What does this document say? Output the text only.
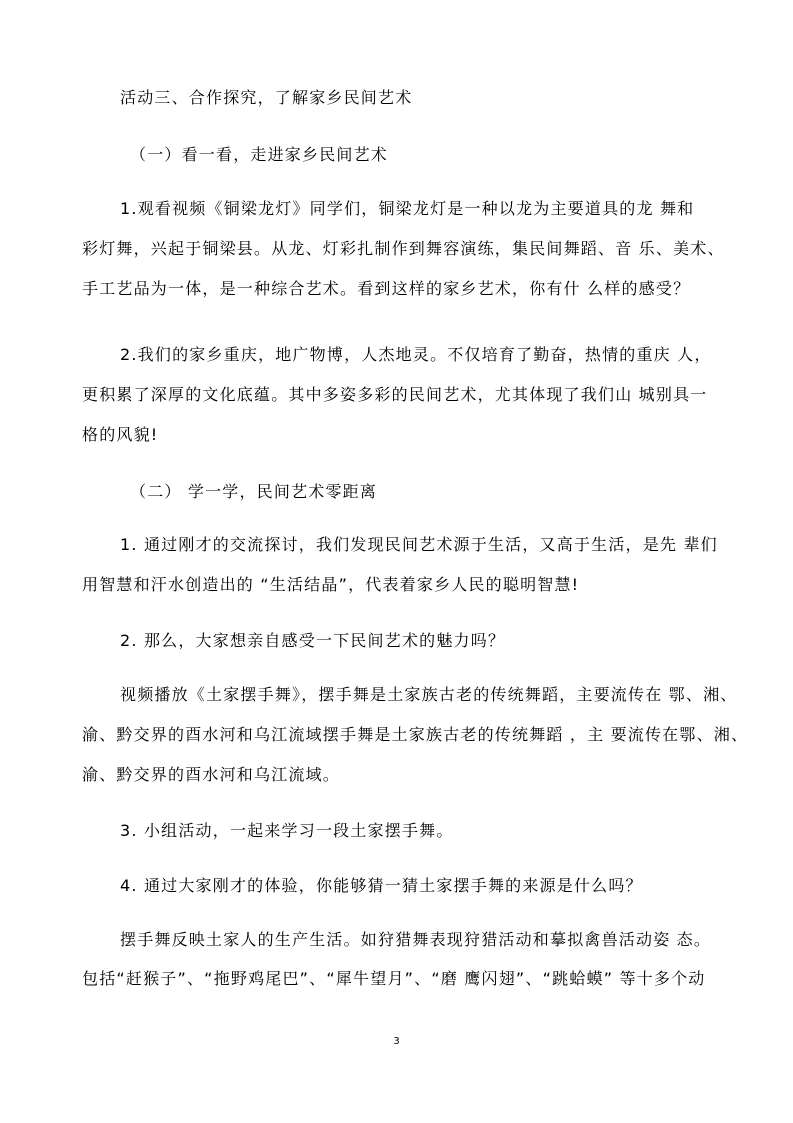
活动三、合作探究，了解家乡民间艺术
（一）看一看，走进家乡民间艺术
1.观看视频《铜梁龙灯》同学们，铜梁龙灯是一种以龙为主要道具的龙 舞和
彩灯舞，兴起于铜梁县。从龙、灯彩扎制作到舞容演练，集民间舞蹈、音 乐、美术、
手工艺品为一体，是一种综合艺术。看到这样的家乡艺术，你有什 么样的感受？
2.我们的家乡重庆，地广物博，人杰地灵。不仅培育了勤奋，热情的重庆 人，
更积累了深厚的文化底蕴。其中多姿多彩的民间艺术，尤其体现了我们山 城别具一
格的风貌!
（二） 学一学，民间艺术零距离
1. 通过刚才的交流探讨，我们发现民间艺术源于生活，又高于生活，是先 辈们
用智慧和汗水创造出的 “生活结晶”，代表着家乡人民的聪明智慧!
2. 那么，大家想亲自感受一下民间艺术的魅力吗？
视频播放《土家摆手舞》，摆手舞是土家族古老的传统舞蹈，主要流传在 鄂、湘、
渝、黔交界的酉水河和乌江流域摆手舞是土家族古老的传统舞蹈 ，主 要流传在鄂、湘、
渝、黔交界的酉水河和乌江流域。
3. 小组活动，一起来学习一段土家摆手舞。
4. 通过大家刚才的体验，你能够猜一猜土家摆手舞的来源是什么吗？
摆手舞反映土家人的生产生活。如狩猎舞表现狩猎活动和摹拟禽兽活动姿 态。
包括“赶猴子”、“拖野鸡尾巴”、“犀牛望月”、“磨 鹰闪翅”、“跳蛤蟆” 等十多个动
3
